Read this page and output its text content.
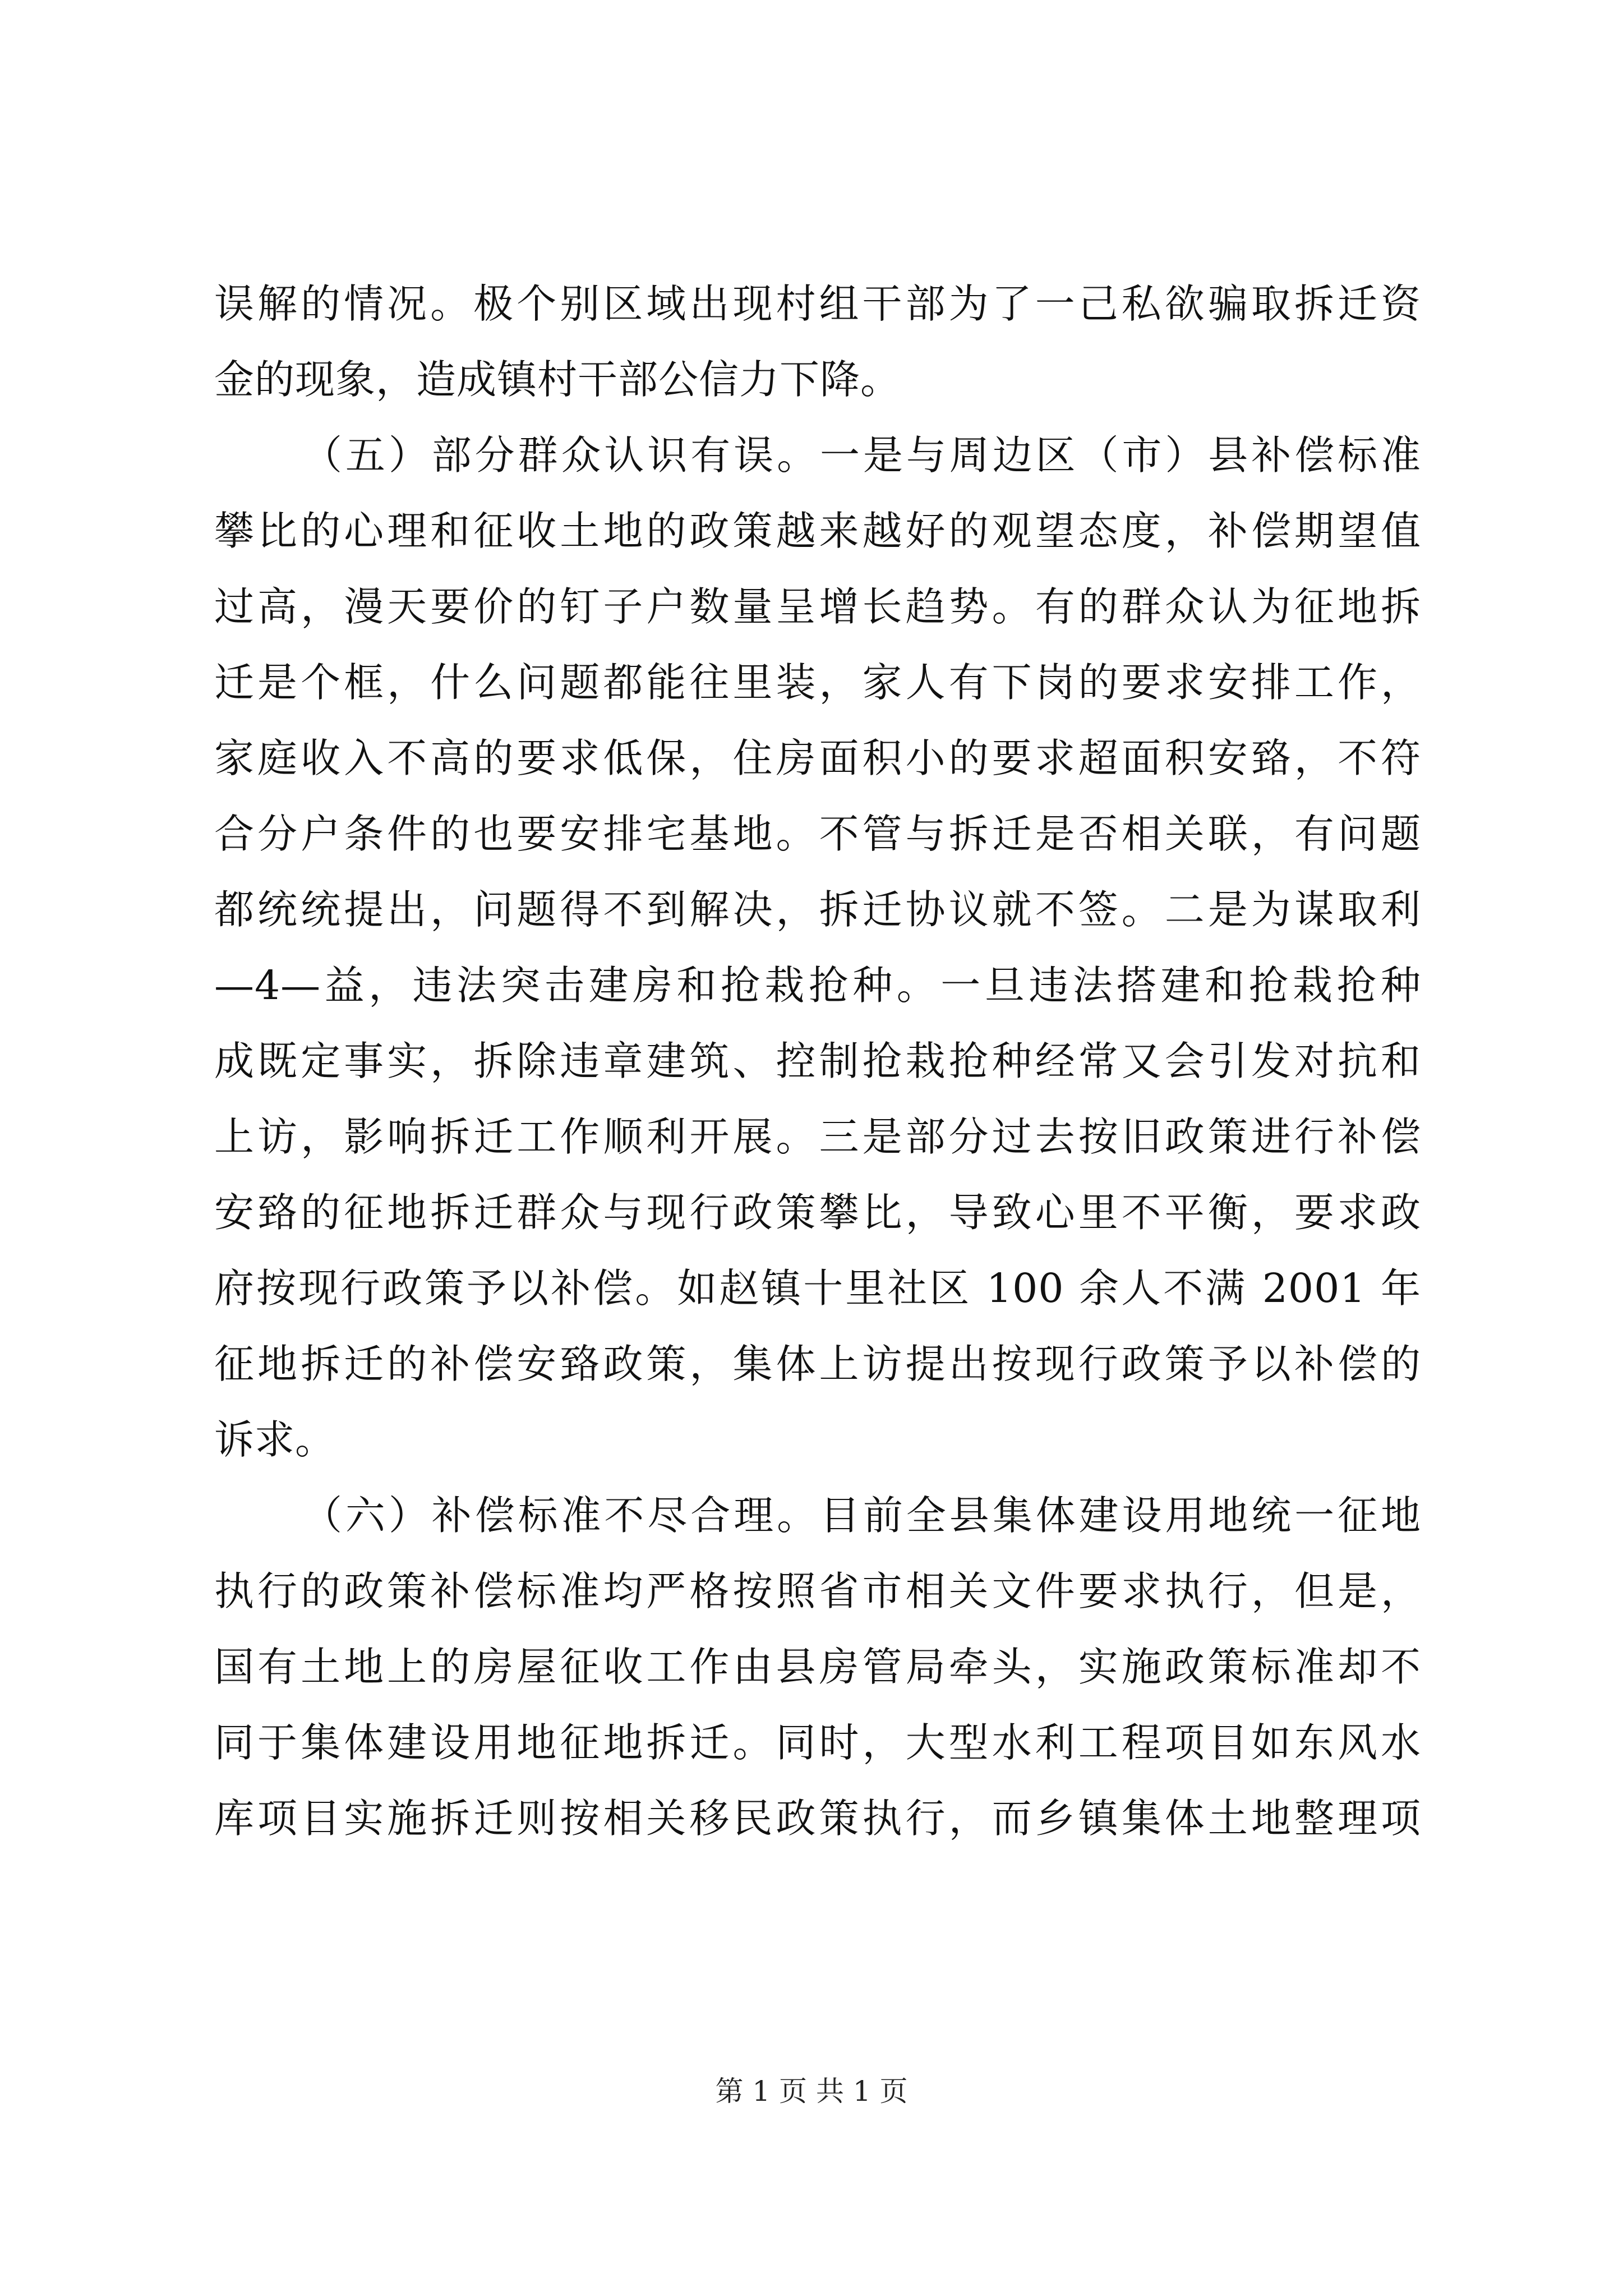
误解的情况。极个别区域出现村组干部为了一己私欲骗取拆迁资
金的现象，造成镇村干部公信力下降。
（五）部分群众认识有误。一是与周边区（市）县补偿标准
攀比的心理和征收土地的政策越来越好的观望态度，补偿期望值
过高，漫天要价的钉子户数量呈增长趋势。有的群众认为征地拆
迁是个框，什么问题都能往里装，家人有下岗的要求安排工作，
家庭收入不高的要求低保，住房面积小的要求超面积安臵，不符
合分户条件的也要安排宅基地。不管与拆迁是否相关联，有问题
都统统提出，问题得不到解决，拆迁协议就不签。二是为谋取利
—4—益，违法突击建房和抢栽抢种。一旦违法搭建和抢栽抢种
成既定事实，拆除违章建筑、控制抢栽抢种经常又会引发对抗和
上访，影响拆迁工作顺利开展。三是部分过去按旧政策进行补偿
安臵的征地拆迁群众与现行政策攀比，导致心里不平衡，要求政
府按现行政策予以补偿。如赵镇十里社区 100 余人不满 2001 年
征地拆迁的补偿安臵政策，集体上访提出按现行政策予以补偿的
诉求。
（六）补偿标准不尽合理。目前全县集体建设用地统一征地
执行的政策补偿标准均严格按照省市相关文件要求执行，但是，
国有土地上的房屋征收工作由县房管局牵头，实施政策标准却不
同于集体建设用地征地拆迁。同时，大型水利工程项目如东风水
库项目实施拆迁则按相关移民政策执行，而乡镇集体土地整理项
第 1 页 共 1 页
